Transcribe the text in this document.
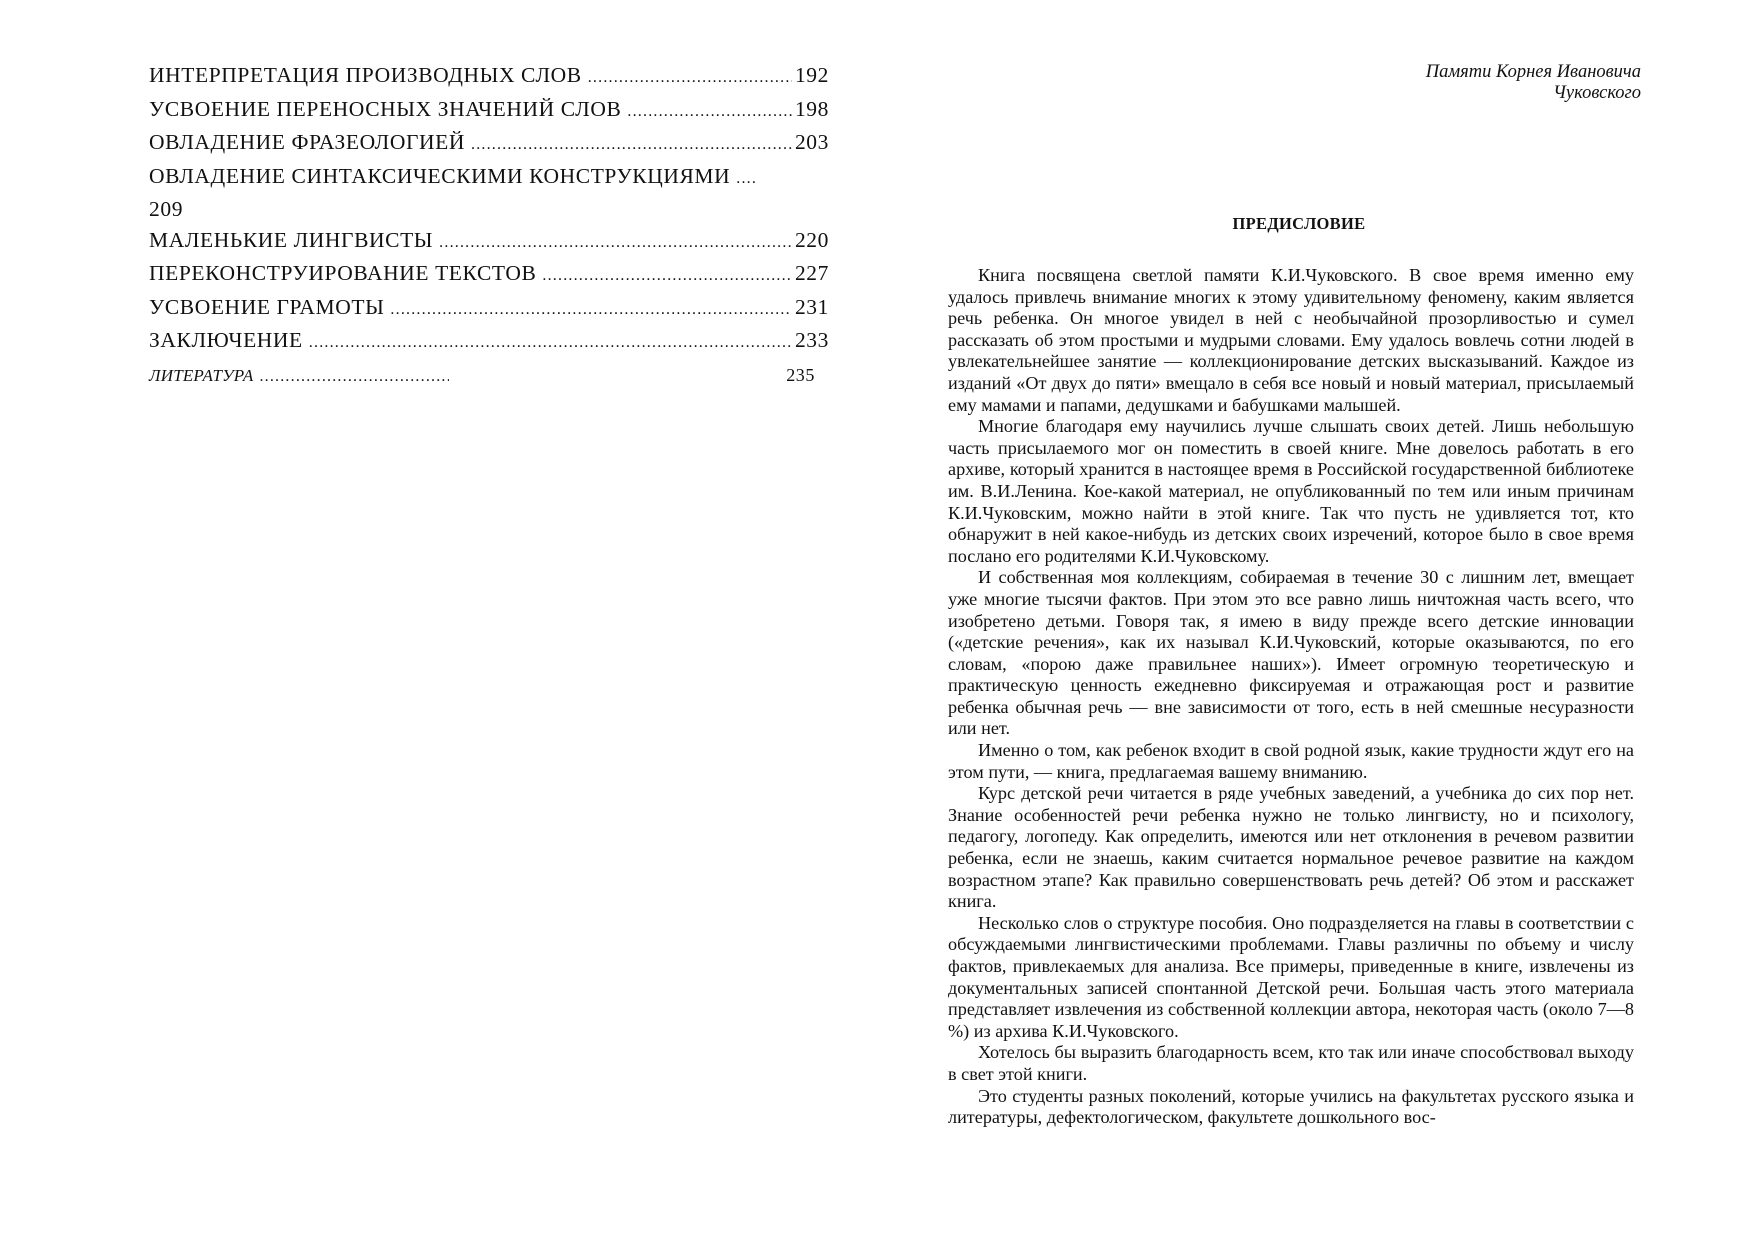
ИНТЕРПРЕТАЦИЯ ПРОИЗВОДНЫХ СЛОВ .....	192
УСВОЕНИЕ ПЕРЕНОСНЫХ ЗНАЧЕНИЙ СЛОВ .....	198
ОВЛАДЕНИЕ ФРАЗЕОЛОГИЕЙ .....	203
ОВЛАДЕНИЕ СИНТАКСИЧЕСКИМИ КОНСТРУКЦИЯМИ ....
209
МАЛЕНЬКИЕ ЛИНГВИСТЫ .....	220
ПЕРЕКОНСТРУИРОВАНИЕ ТЕКСТОВ .....	227
УСВОЕНИЕ ГРАМОТЫ .....	231
ЗАКЛЮЧЕНИЕ .....	233
ЛИТЕРАТУРА .....	235
Памяти Корнея Ивановича
Чуковского
ПРЕДИСЛОВИЕ

Книга посвящена светлой памяти К.И.Чуковского. В свое время именно ему удалось привлечь внимание многих к этому удивительному феномену, каким является речь ребенка. Он многое увидел в ней с необычайной прозорливостью и сумел рассказать об этом простыми и мудрыми словами. Ему удалось вовлечь сотни людей в увлекательнейшее занятие — коллекционирование детских высказываний. Каждое из изданий «От двух до пяти» вмещало в себя все новый и новый материал, присылаемый ему мамами и папами, дедушками и бабушками малышей.

Многие благодаря ему научились лучше слышать своих детей. Лишь небольшую часть присылаемого мог он поместить в своей книге. Мне довелось работать в его архиве, который хранится в настоящее время в Российской государственной библиотеке им. В.И.Ленина. Кое-какой материал, не опубликованный по тем или иным причинам К.И.Чуковским, можно найти в этой книге. Так что пусть не удивляется тот, кто обнаружит в ней какое-нибудь из детских своих изречений, которое было в свое время послано его родителями К.И.Чуковскому.

И собственная моя коллекциям, собираемая в течение 30 с лишним лет, вмещает уже многие тысячи фактов. При этом это все равно лишь ничтожная часть всего, что изобретено детьми. Говоря так, я имею в виду прежде всего детские инновации («детские речения», как их называл К.И.Чуковский, которые оказываются, по его словам, «порою даже правильнее наших»). Имеет огромную теоретическую и практическую ценность ежедневно фиксируемая и отражающая рост и развитие ребенка обычная речь — вне зависимости от того, есть в ней смешные несуразности или нет.

Именно о том, как ребенок входит в свой родной язык, какие трудности ждут его на этом пути, — книга, предлагаемая вашему вниманию.

Курс детской речи читается в ряде учебных заведений, а учебника до сих пор нет. Знание особенностей речи ребенка нужно не только лингвисту, но и психологу, педагогу, логопеду. Как определить, имеются или нет отклонения в речевом развитии ребенка, если не знаешь, каким считается нормальное речевое развитие на каждом возрастном этапе? Как правильно совершенствовать речь детей? Об этом и расскажет книга.

Несколько слов о структуре пособия. Оно подразделяется на главы в соответствии с обсуждаемыми лингвистическими проблемами. Главы различны по объему и числу фактов, привлекаемых для анализа. Все примеры, приведенные в книге, извлечены из документальных записей спонтанной Детской речи. Большая часть этого материала представляет извлечения из собственной коллекции автора, некоторая часть (около 7—8 %) из архива К.И.Чуковского.

Хотелось бы выразить благодарность всем, кто так или иначе способствовал выходу в свет этой книги.

Это студенты разных поколений, которые учились на факультетах русского языка и литературы, дефектологическом, факультете дошкольного вос-
